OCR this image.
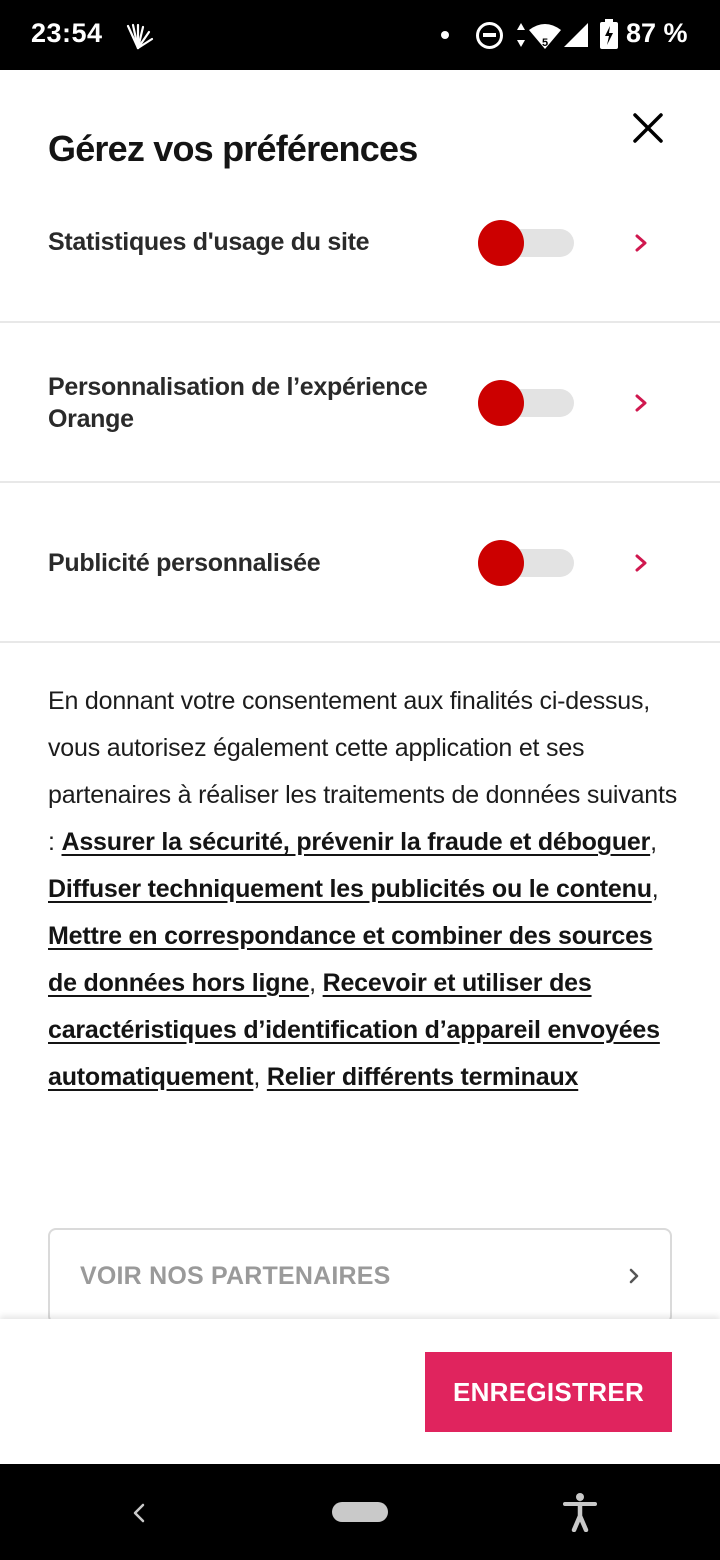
23:54	5	87 %
Gérez vos préférences
Statistiques d'usage du site
Personnalisation de l’expérience Orange
Publicité personnalisée

En donnant votre consentement aux finalités ci-dessus, vous autorisez également cette application et ses partenaires à réaliser les traitements de données suivants : Assurer la sécurité, prévenir la fraude et déboguer, Diffuser techniquement les publicités ou le contenu, Mettre en correspondance et combiner des sources de données hors ligne, Recevoir et utiliser des caractéristiques d’identification d’appareil envoyées automatiquement, Relier différents terminaux

VOIR NOS PARTENAIRES
ENREGISTRER
